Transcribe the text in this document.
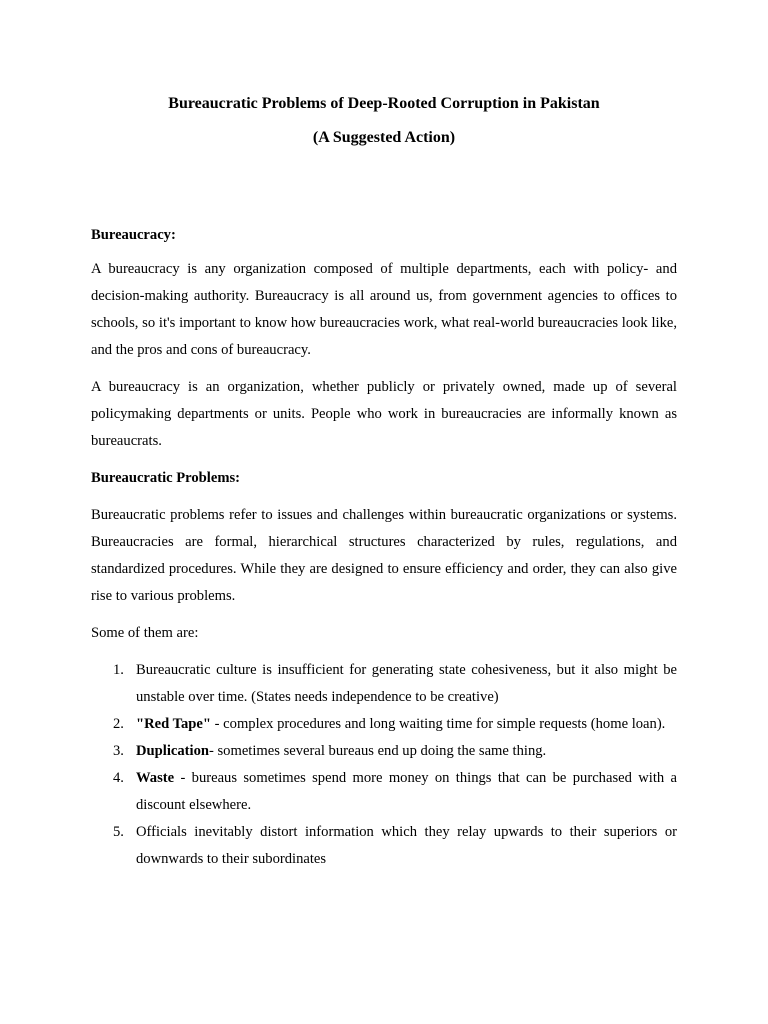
Bureaucratic Problems of Deep-Rooted Corruption in Pakistan
(A Suggested Action)

Bureaucracy:

A bureaucracy is any organization composed of multiple departments, each with policy- and decision-making authority. Bureaucracy is all around us, from government agencies to offices to schools, so it's important to know how bureaucracies work, what real-world bureaucracies look like, and the pros and cons of bureaucracy.

A bureaucracy is an organization, whether publicly or privately owned, made up of several policymaking departments or units. People who work in bureaucracies are informally known as bureaucrats.

Bureaucratic Problems:

Bureaucratic problems refer to issues and challenges within bureaucratic organizations or systems. Bureaucracies are formal, hierarchical structures characterized by rules, regulations, and standardized procedures. While they are designed to ensure efficiency and order, they can also give rise to various problems.

Some of them are:

1. Bureaucratic culture is insufficient for generating state cohesiveness, but it also might be unstable over time. (States needs independence to be creative)
2. "Red Tape" - complex procedures and long waiting time for simple requests (home loan).
3. Duplication- sometimes several bureaus end up doing the same thing.
4. Waste - bureaus sometimes spend more money on things that can be purchased with a discount elsewhere.
5. Officials inevitably distort information which they relay upwards to their superiors or downwards to their subordinates
